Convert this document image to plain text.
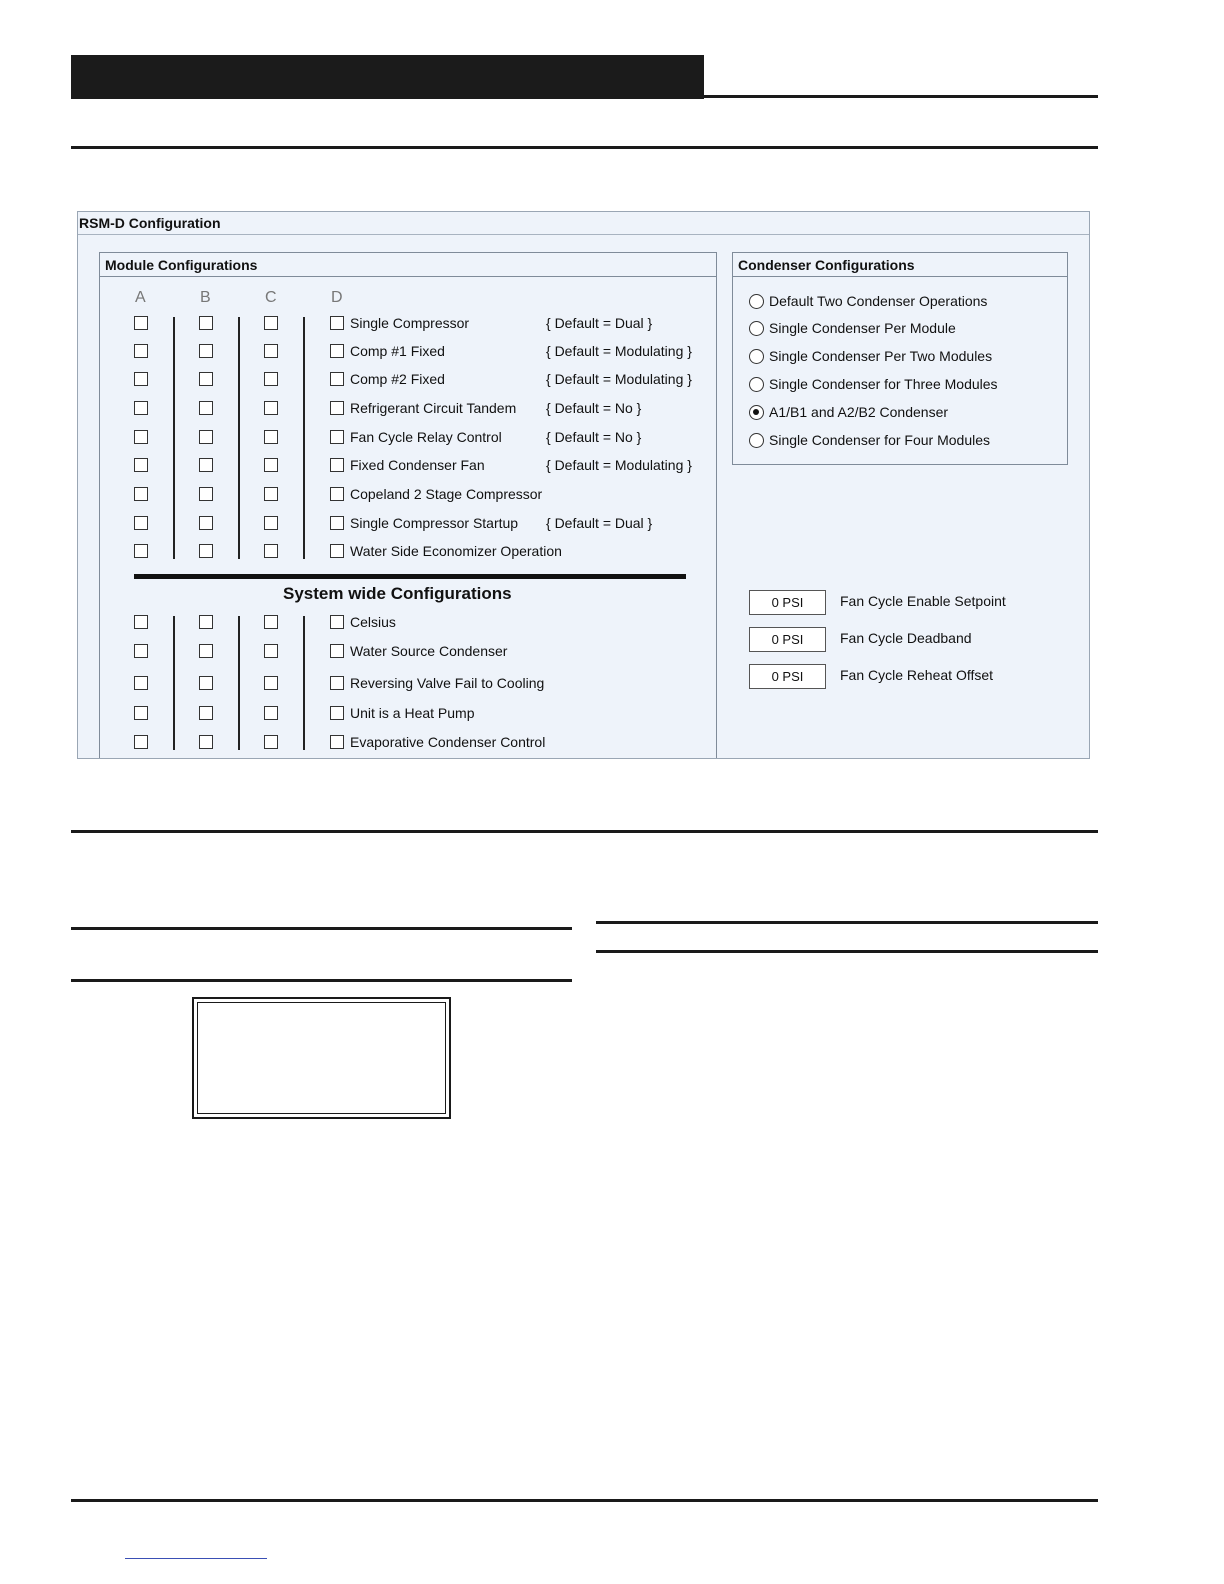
RSM-D Configuration
Module Configurations	Condenser Configurations
A	B	C	D
Single Compressor	{ Default = Dual }
Comp #1 Fixed	{ Default = Modulating }
Comp #2 Fixed	{ Default = Modulating }
Refrigerant Circuit Tandem { Default = No }
Fan Cycle Relay Control	{ Default = No }
Fixed Condenser Fan	{ Default = Modulating }
Copeland 2 Stage Compressor
Single Compressor Startup { Default = Dual }
Water Side Economizer Operation
System wide Configurations
Celsius
Water Source Condenser
Reversing Valve Fail to Cooling
Unit is a Heat Pump
Evaporative Condenser Control
Default Two Condenser Operations
Single Condenser Per Module
Single Condenser Per Two Modules
Single Condenser for Three Modules
A1/B1 and A2/B2 Condenser
Single Condenser for Four Modules
0 PSI	Fan Cycle Enable Setpoint
0 PSI	Fan Cycle Deadband
0 PSI	Fan Cycle Reheat Offset
